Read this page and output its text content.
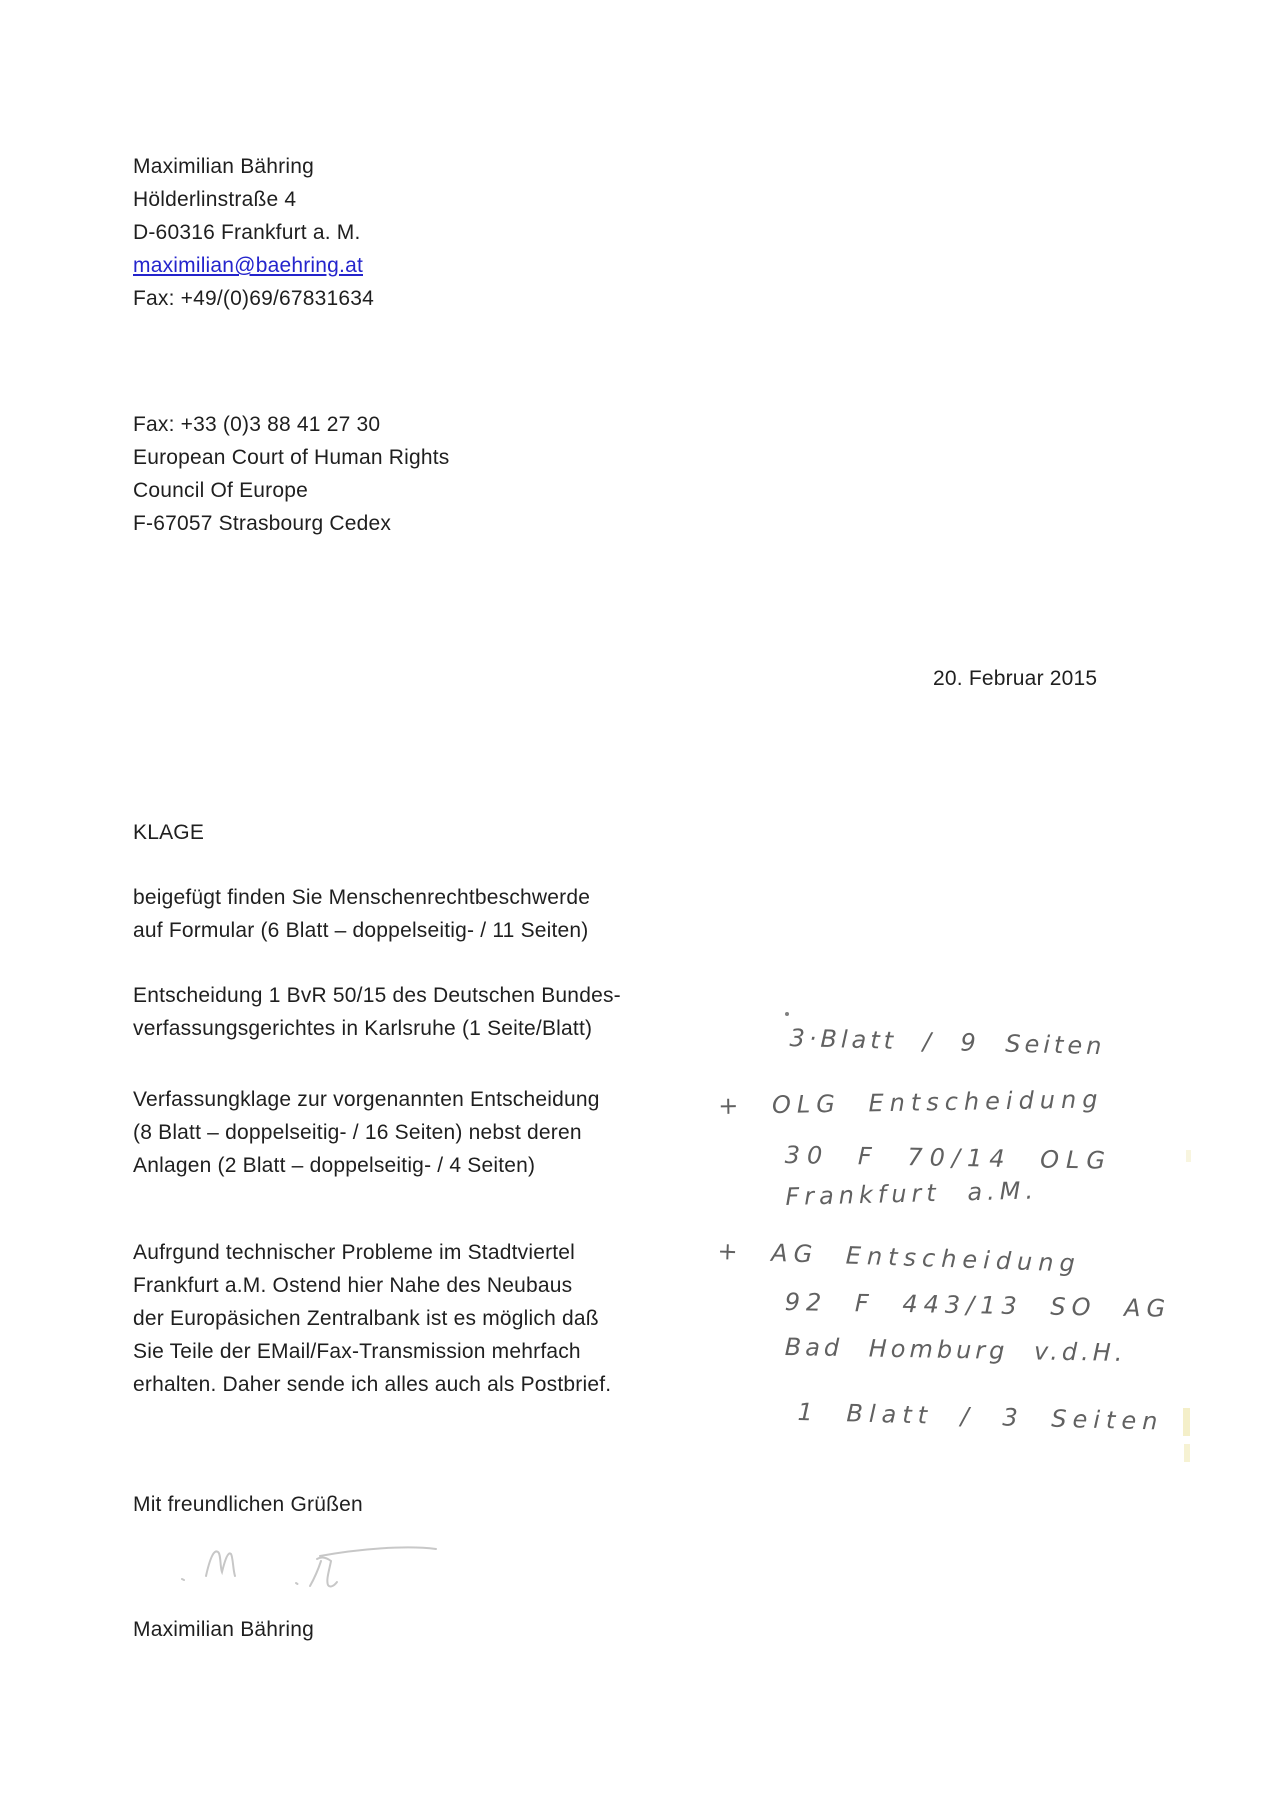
Maximilian Bähring
Hölderlinstraße 4
D-60316 Frankfurt a. M.
maximilian@baehring.at
Fax: +49/(0)69/67831634
Fax: +33 (0)3 88 41 27 30
European Court of Human Rights
Council Of Europe
F-67057 Strasbourg Cedex
20. Februar 2015
KLAGE
beigefügt finden Sie Menschenrechtbeschwerde
auf Formular (6 Blatt – doppelseitig- / 11 Seiten)
Entscheidung 1 BvR 50/15 des Deutschen Bundes-
verfassungsgerichtes in Karlsruhe (1 Seite/Blatt)
Verfassungklage zur vorgenannten Entscheidung
(8 Blatt – doppelseitig- / 16 Seiten) nebst deren
Anlagen (2 Blatt – doppelseitig- / 4 Seiten)
Aufrgund technischer Probleme im Stadtviertel
Frankfurt a.M. Ostend hier Nahe des Neubaus
der Europäsichen Zentralbank ist es möglich daß
Sie Teile der EMail/Fax-Transmission mehrfach
erhalten. Daher sende ich alles auch als Postbrief.
Mit freundlichen Grüßen
Maximilian Bähring
3·Blatt / 9 Seiten
+ OLG Entscheidung
30 F 70/14 OLG
Frankfurt a.M.
+ AG Entscheidung
92 F 443/13 SO AG
Bad Homburg v.d.H.
1 Blatt / 3 Seiten
